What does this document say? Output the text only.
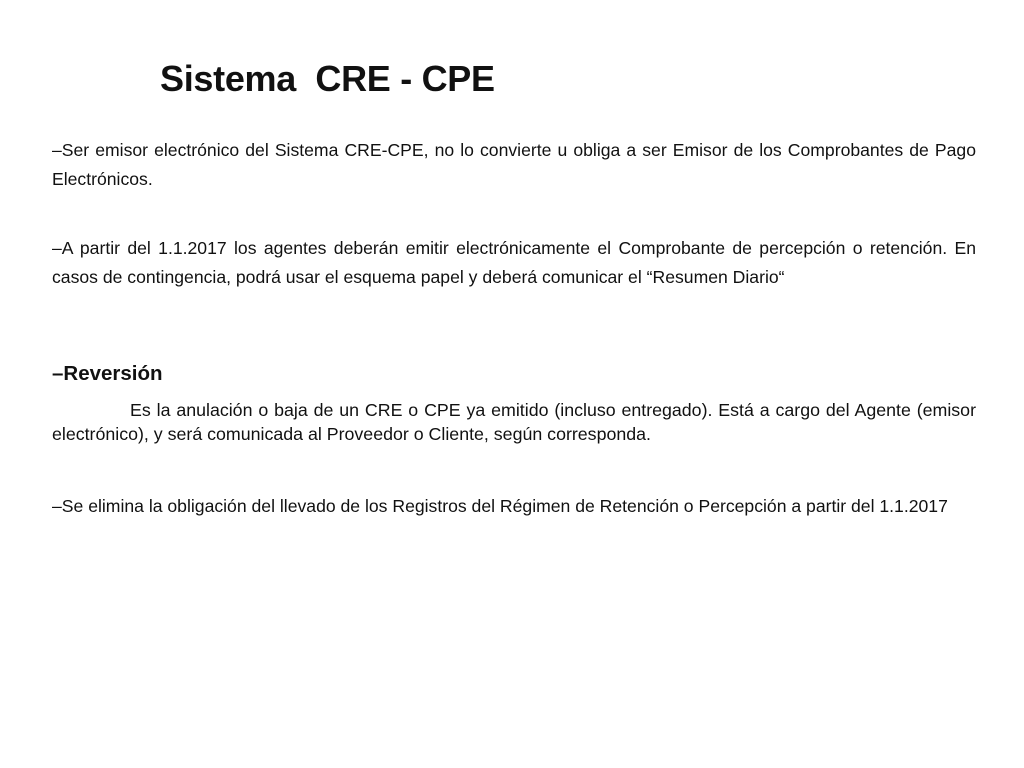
Sistema  CRE - CPE

–Ser emisor electrónico del Sistema CRE-CPE, no lo convierte u obliga a ser Emisor de los Comprobantes de Pago Electrónicos.

–A partir del 1.1.2017 los agentes deberán emitir electrónicamente el Comprobante de percepción o retención. En casos de contingencia, podrá usar el esquema papel y deberá comunicar el “Resumen Diario“

–Reversión

Es la anulación o baja de un CRE o CPE ya emitido (incluso entregado). Está a cargo del Agente (emisor electrónico), y será comunicada al Proveedor o Cliente, según corresponda.

–Se elimina la obligación del llevado de los Registros del Régimen de Retención o Percepción a partir del 1.1.2017
